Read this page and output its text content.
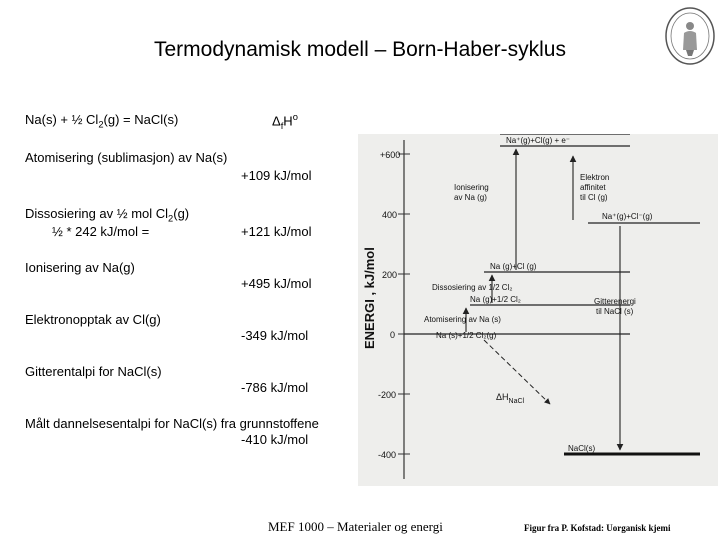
Termodynamisk modell – Born-Haber-syklus
Na(s) + ½ $Cl_2(g)$ = NaCl(s)	$\Delta_fH^o$
Atomisering (sublimasjon) av Na(s)
+109 kJ/mol
Dissosiering av ½ mol $Cl_2(g)$
½ * 242 kJ/mol =	+121 kJ/mol
Ionisering av Na(g)
+495 kJ/mol
Elektronopptak av Cl(g)
-349 kJ/mol
Gitterentalpi for NaCl(s)
-786 kJ/mol
Målt dannelsesentalpi for NaCl(s) fra grunnstoffene
-410 kJ/mol
ENERGI , kJ/mol
+600
400
200
0
-200
-400
Na⁺(g)+Cl(g) + e⁻
Na⁺(g)+Cl⁻(g)
Na (g)+Cl (g)
Na (g)+1/2 Cl₂
Na (s)+1/2 Cl₂(g)
NaCl(s)
Elektron
affinitet
til Cl (g)
Ionisering
av Na (g)
Dissosiering av 1/2 Cl₂
Atomisering av Na (s)
Gitterenergi
til NaCl (s)
$\Delta H_{NaCl}$
MEF 1000 – Materialer og energi	Figur fra P. Kofstad: Uorganisk kjemi
